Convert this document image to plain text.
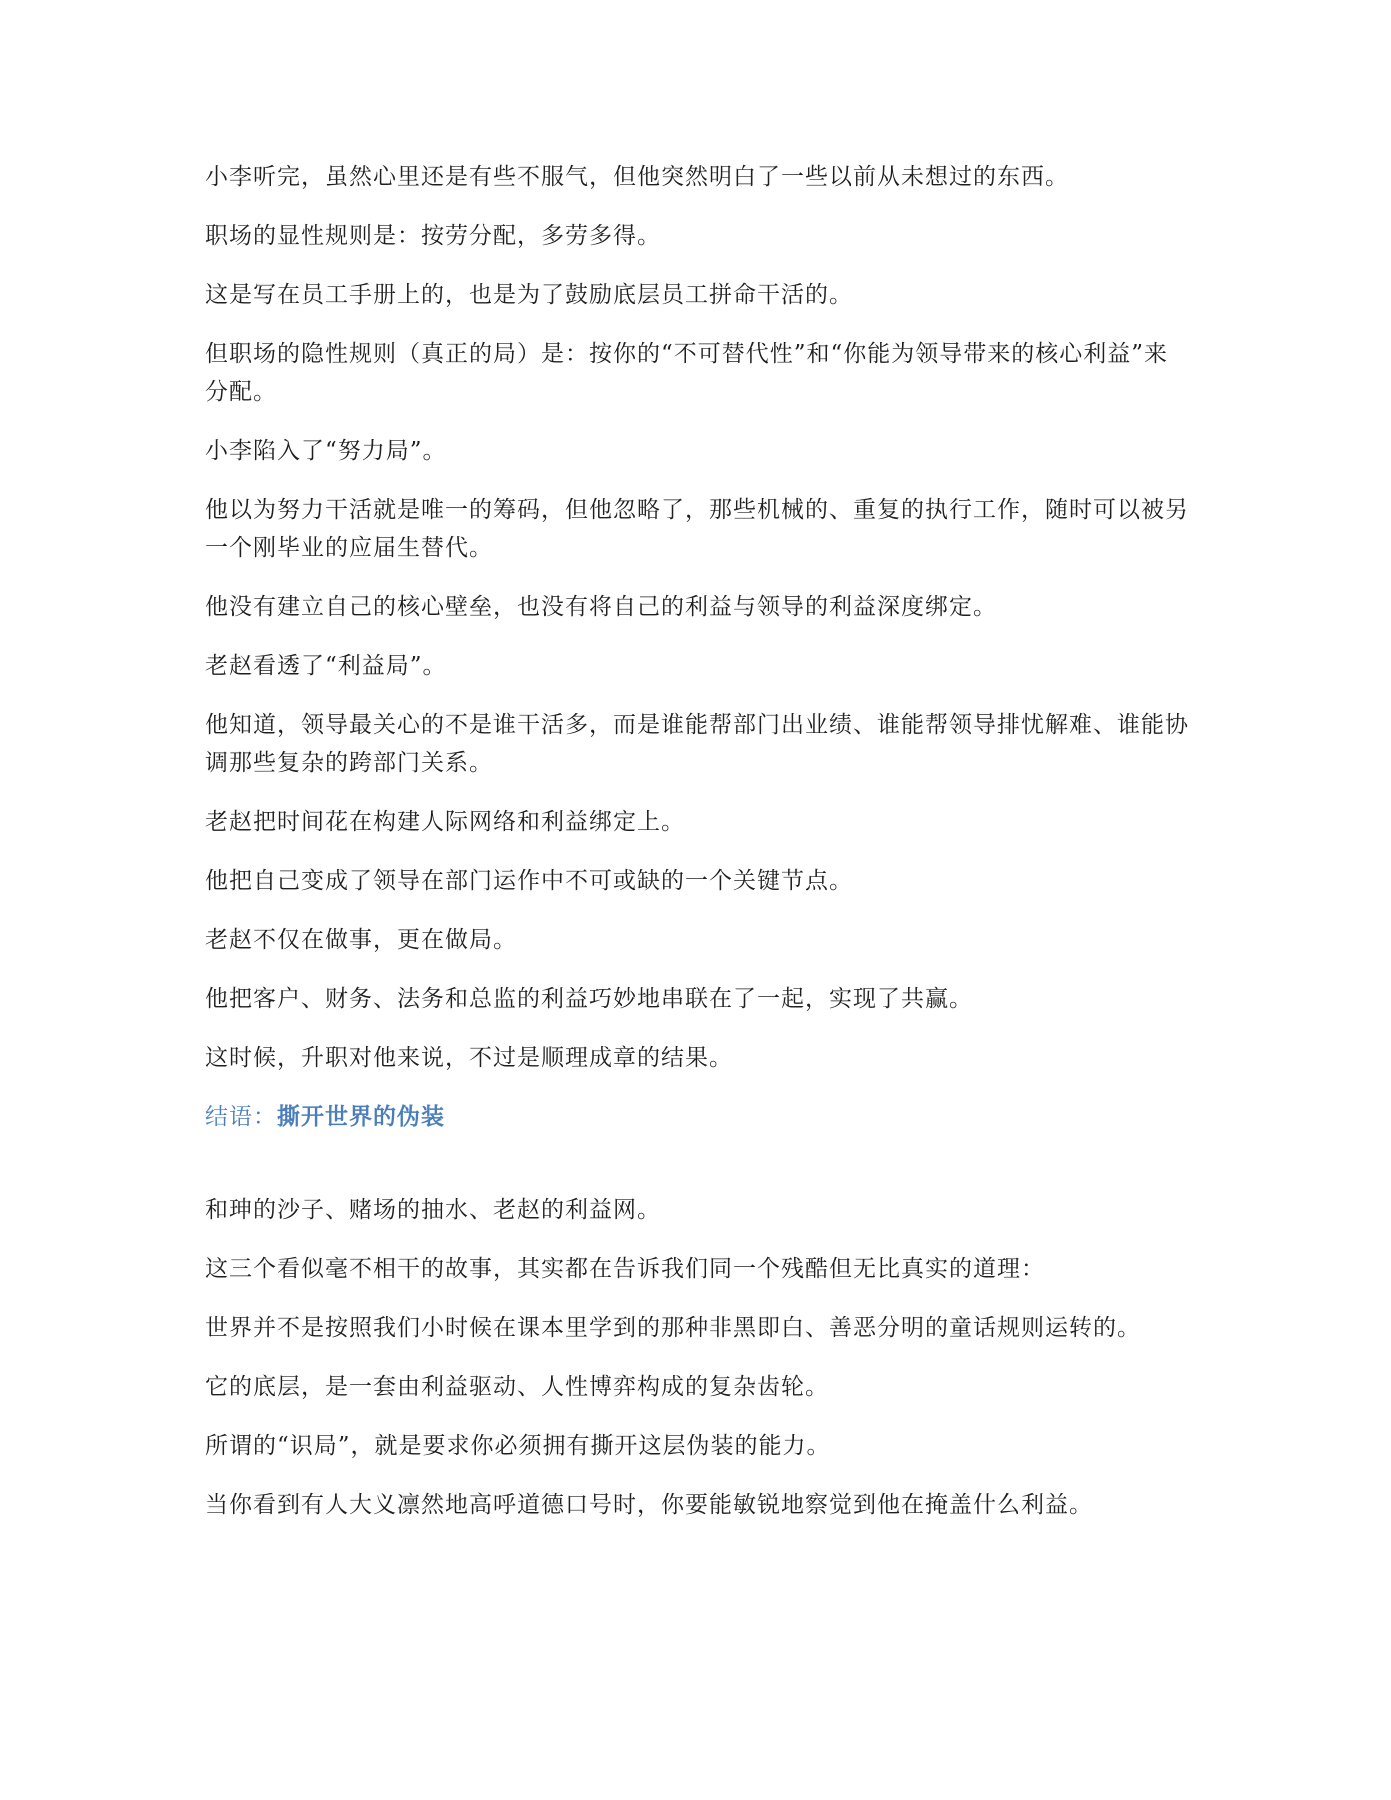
小李听完，虽然心里还是有些不服气，但他突然明白了一些以前从未想过的东西。

职场的显性规则是：按劳分配，多劳多得。

这是写在员工手册上的，也是为了鼓励底层员工拼命干活的。

但职场的隐性规则（真正的局）是：按你的“不可替代性”和“你能为领导带来的核心利益”来分配。

小李陷入了“努力局”。

他以为努力干活就是唯一的筹码，但他忽略了，那些机械的、重复的执行工作，随时可以被另一个刚毕业的应届生替代。

他没有建立自己的核心壁垒，也没有将自己的利益与领导的利益深度绑定。

老赵看透了“利益局”。

他知道，领导最关心的不是谁干活多，而是谁能帮部门出业绩、谁能帮领导排忧解难、谁能协调那些复杂的跨部门关系。

老赵把时间花在构建人际网络和利益绑定上。

他把自己变成了领导在部门运作中不可或缺的一个关键节点。

老赵不仅在做事，更在做局。

他把客户、财务、法务和总监的利益巧妙地串联在了一起，实现了共赢。

这时候，升职对他来说，不过是顺理成章的结果。

结语：撕开世界的伪装

和珅的沙子、赌场的抽水、老赵的利益网。

这三个看似毫不相干的故事，其实都在告诉我们同一个残酷但无比真实的道理：

世界并不是按照我们小时候在课本里学到的那种非黑即白、善恶分明的童话规则运转的。

它的底层，是一套由利益驱动、人性博弈构成的复杂齿轮。

所谓的“识局”，就是要求你必须拥有撕开这层伪装的能力。

当你看到有人大义凛然地高呼道德口号时，你要能敏锐地察觉到他在掩盖什么利益。
